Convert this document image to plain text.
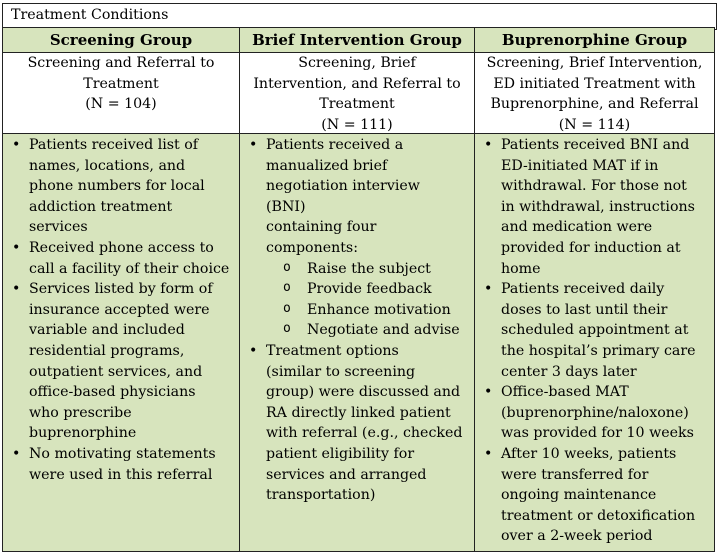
Treatment Conditions
Screening Group	Brief Intervention Group	Buprenorphine Group
Screening and Referral to
Treatment
(N = 104)
Screening, Brief
Intervention, and Referral to
Treatment
(N = 111)
Screening, Brief Intervention,
ED initiated Treatment with
Buprenorphine, and Referral
(N = 114)
• Patients received list of
names, locations, and
phone numbers for local
addiction treatment
services
• Received phone access to
call a facility of their choice
• Services listed by form of
insurance accepted were
variable and included
residential programs,
outpatient services, and
office-based physicians
who prescribe
buprenorphine
• No motivating statements
were used in this referral
• Patients received a
manualized brief
negotiation interview
(BNI)
containing four
components:
o Raise the subject
o Provide feedback
o Enhance motivation
o Negotiate and advise
• Treatment options
(similar to screening
group) were discussed and
RA directly linked patient
with referral (e.g., checked
patient eligibility for
services and arranged
transportation)
• Patients received BNI and
ED-initiated MAT if in
withdrawal. For those not
in withdrawal, instructions
and medication were
provided for induction at
home
• Patients received daily
doses to last until their
scheduled appointment at
the hospital’s primary care
center 3 days later
• Office-based MAT
(buprenorphine/naloxone)
was provided for 10 weeks
• After 10 weeks, patients
were transferred for
ongoing maintenance
treatment or detoxification
over a 2-week period
